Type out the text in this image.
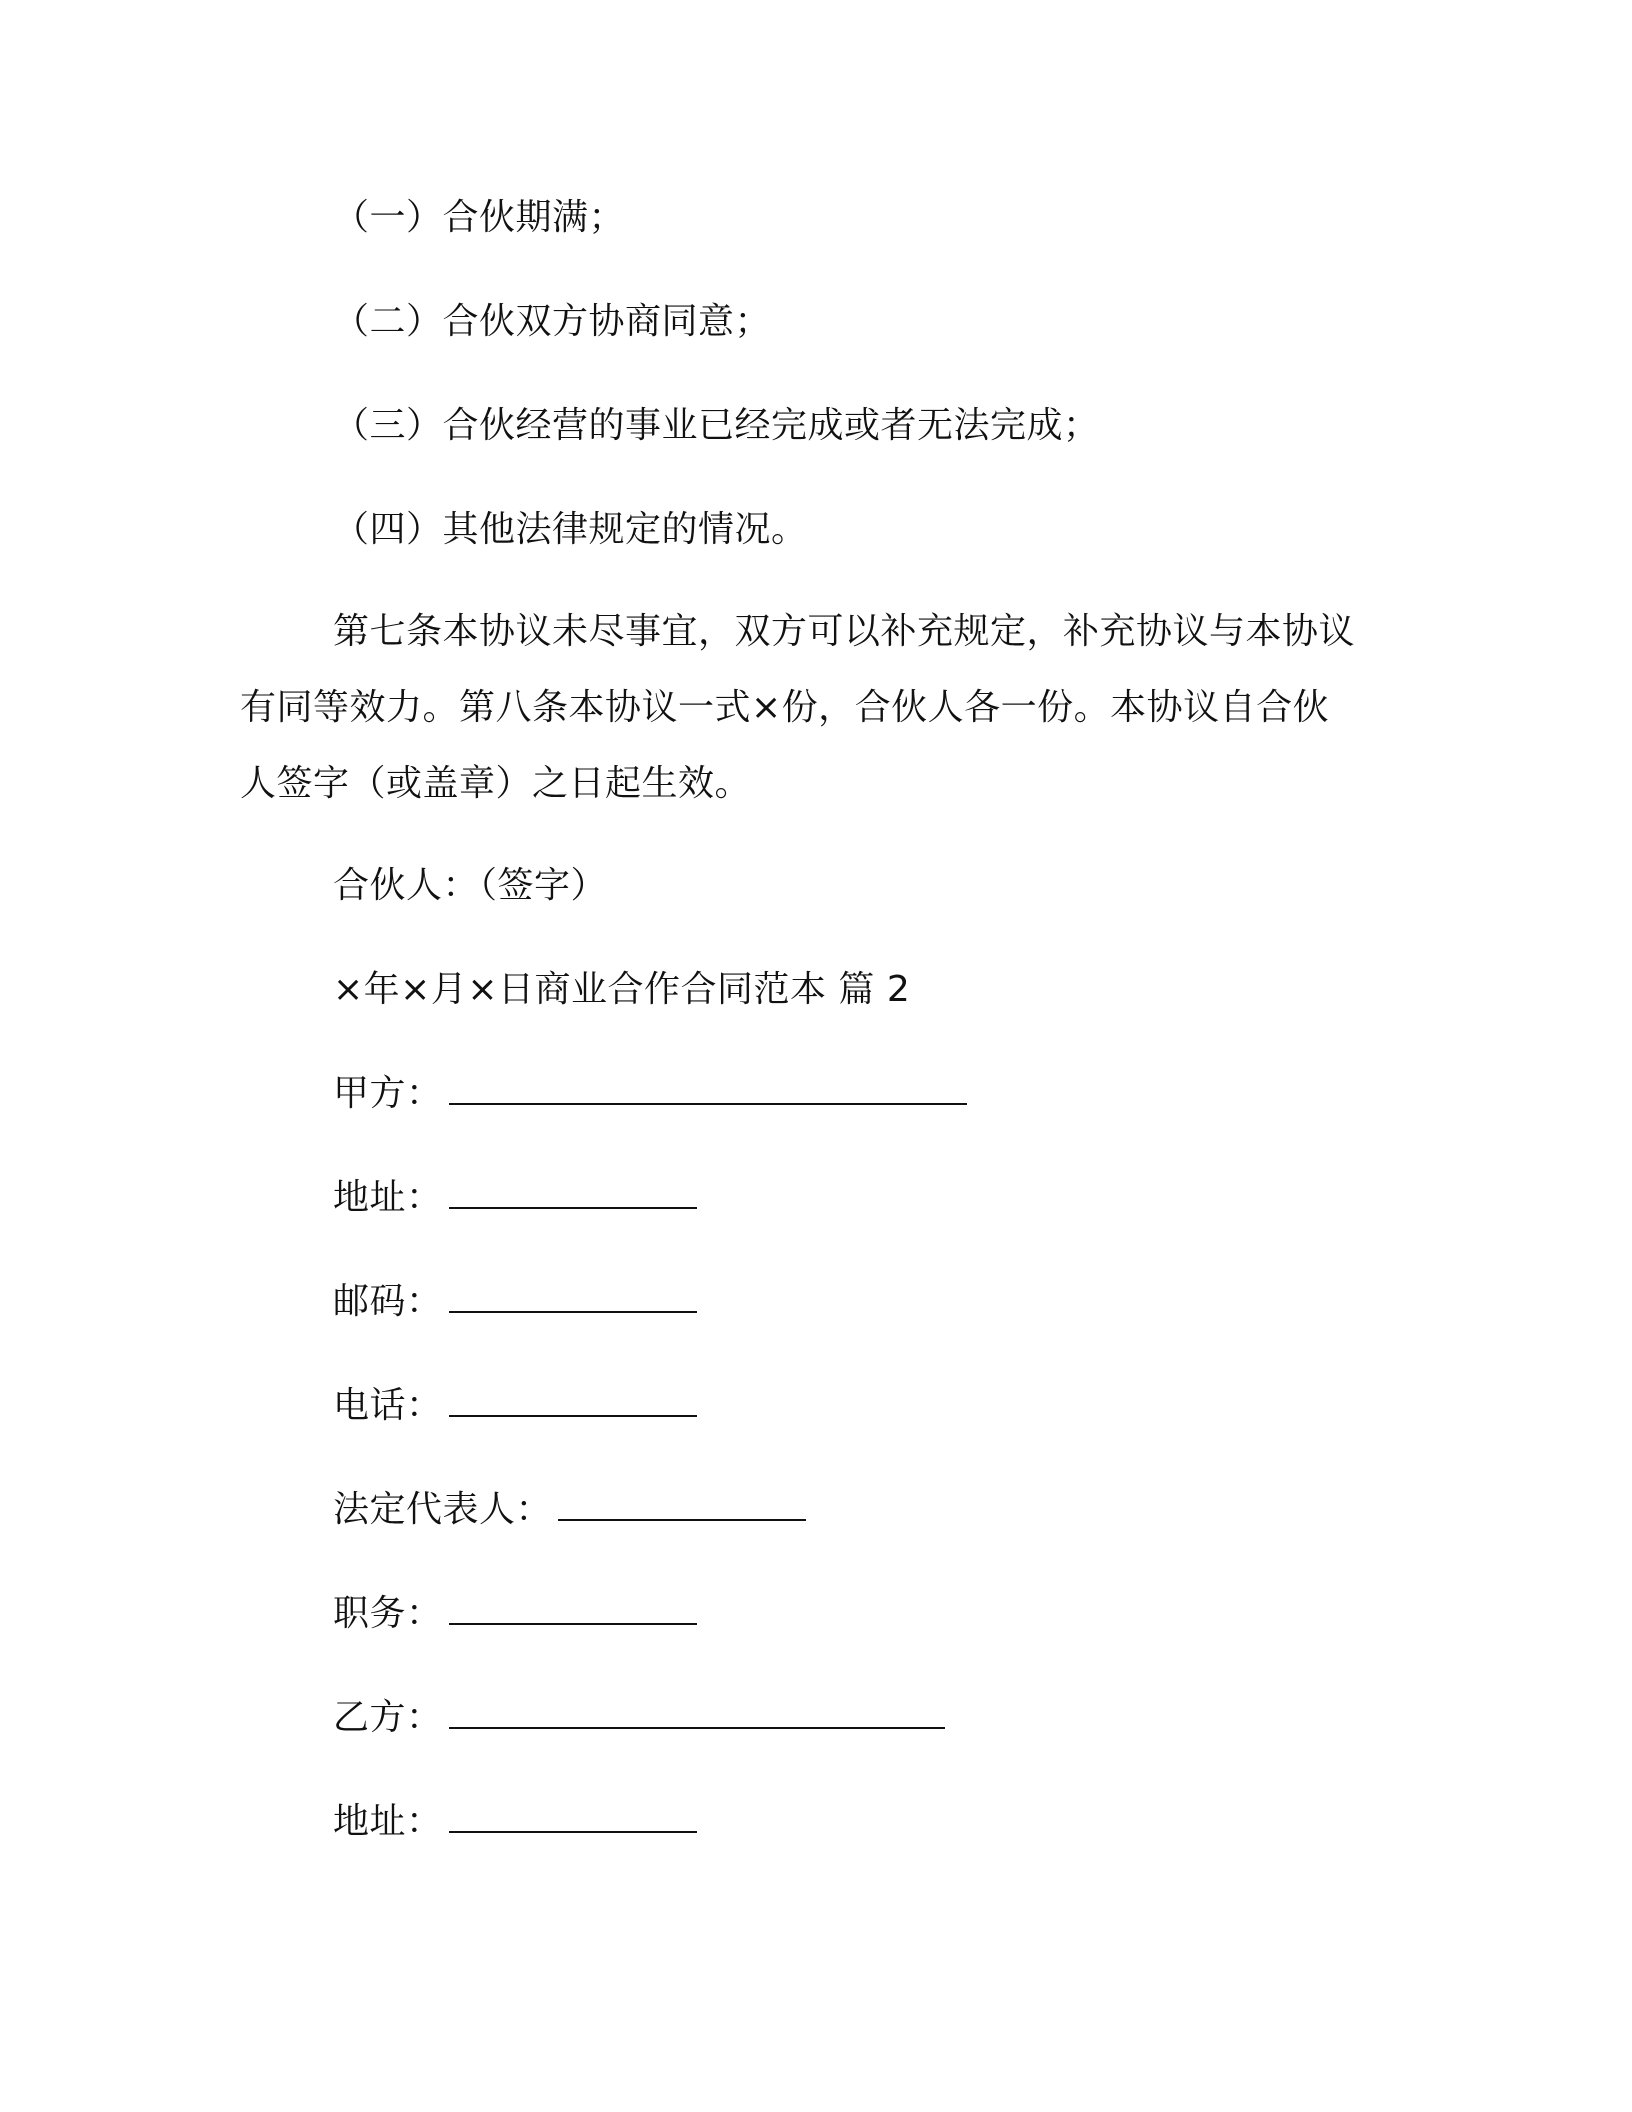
（一）合伙期满；
（二）合伙双方协商同意；
（三）合伙经营的事业已经完成或者无法完成；
（四）其他法律规定的情况。
第七条本协议未尽事宜，双方可以补充规定，补充协议与本协议
有同等效力。第八条本协议一式×份，合伙人各一份。本协议自合伙
人签字（或盖章）之日起生效。
合伙人：（签字）
×年×月×日商业合作合同范本 篇 2
甲方：
地址：
邮码：
电话：
法定代表人：
职务：
乙方：
地址：
